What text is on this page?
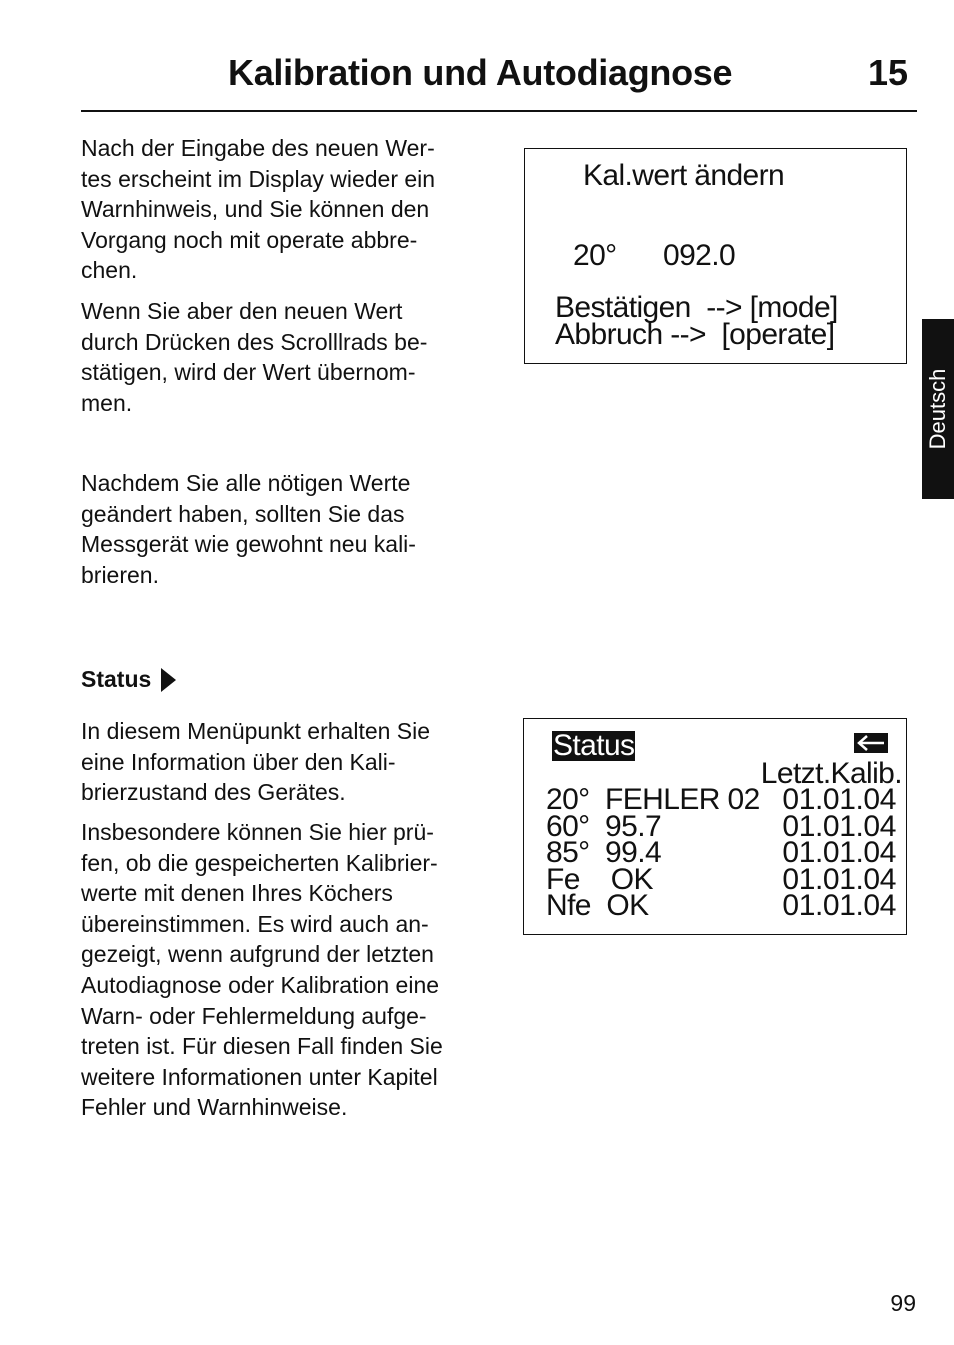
Kalibration und Autodiagnose	15
Deutsch

Nach der Eingabe des neuen Wer-
tes erscheint im Display wieder ein
Warnhinweis, und Sie können den
Vorgang noch mit operate abbre-
chen.

Wenn Sie aber den neuen Wert
durch Drücken des Scrolllrads be-
stätigen, wird der Wert übernom-
men.

Nachdem Sie alle nötigen Werte
geändert haben, sollten Sie das
Messgerät wie gewohnt neu kali-
brieren.

Status

In diesem Menüpunkt erhalten Sie
eine Information über den Kali-
brierzustand des Gerätes.

Insbesondere können Sie hier prü-
fen, ob die gespeicherten Kalibrier-
werte mit denen Ihres Köchers
übereinstimmen. Es wird auch an-
gezeigt, wenn aufgrund der letzten
Autodiagnose oder Kalibration eine
Warn- oder Fehlermeldung aufge-
treten ist. Für diesen Fall finden Sie
weitere Informationen unter Kapitel
Fehler und Warnhinweise.

Kal.wert ändern
20° 092.0
Bestätigen  --> [mode]
Abbruch -->  [operate]
Status
Letzt.Kalib.
20°  FEHLER 02 01.01.04
60°  95.7	01.01.04
85°  99.4	01.01.04
Fe    OK	01.01.04
Nfe  OK	01.01.04
99
